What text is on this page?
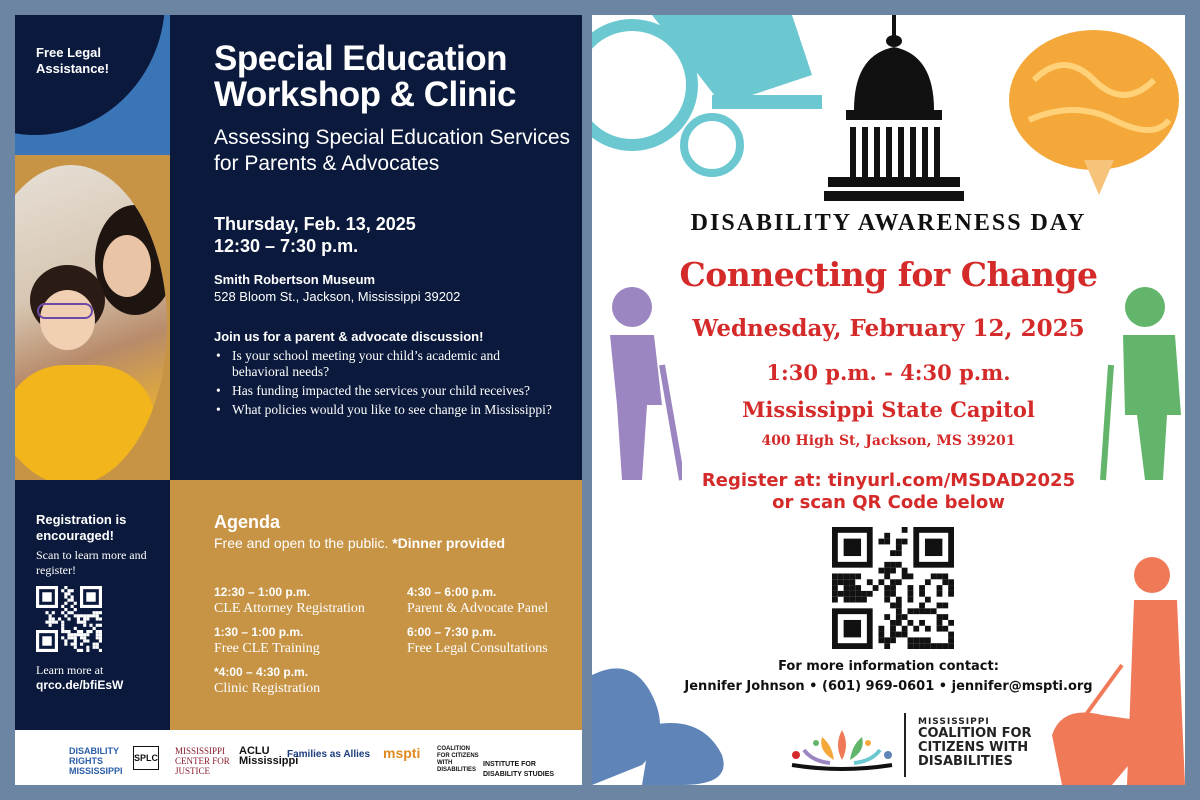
Free Legal Assistance!	Special Education Workshop & Clinic
Assessing Special Education Services for Parents & Advocates
Thursday, Feb. 13, 2025
12:30 – 7:30 p.m.
Smith Robertson Museum
528 Bloom St., Jackson, Mississippi 39202
Join us for a parent & advocate discussion!
• Is your school meeting your child’s academic and behavioral needs?
• Has funding impacted the services your child receives?
• What policies would you like to see change in Mississippi?
Registration is encouraged!
Scan to learn more and register!
Learn more at
qrco.de/bfiEsW
Agenda
Free and open to the public. *Dinner provided
12:30 – 1:00 p.m.
CLE Attorney Registration
1:30 – 1:00 p.m.
Free CLE Training
*4:00 – 4:30 p.m.
Clinic Registration
4:30 – 6:00 p.m.
Parent & Advocate Panel
6:00 – 7:30 p.m.
Free Legal Consultations
DISABILITY RIGHTS MISSISSIPPI
SPLC
MISSISSIPPI CENTER FOR JUSTICE
ACLU Mississippi
Families as Allies mspti	COALITION FOR CITIZENS WITH DISABILITIES
INSTITUTE FOR DISABILITY STUDIES
DISABILITY AWARENESS DAY
Connecting for Change
Wednesday, February 12, 2025
1:30 p.m. - 4:30 p.m.
Mississippi State Capitol
400 High St, Jackson, MS 39201
Register at: tinyurl.com/MSDAD2025
or scan QR Code below
For more information contact:
Jennifer Johnson • (601) 969-0601 • jennifer@mspti.org
MISSISSIPPI
COALITION FOR
CITIZENS WITH
DISABILITIES
